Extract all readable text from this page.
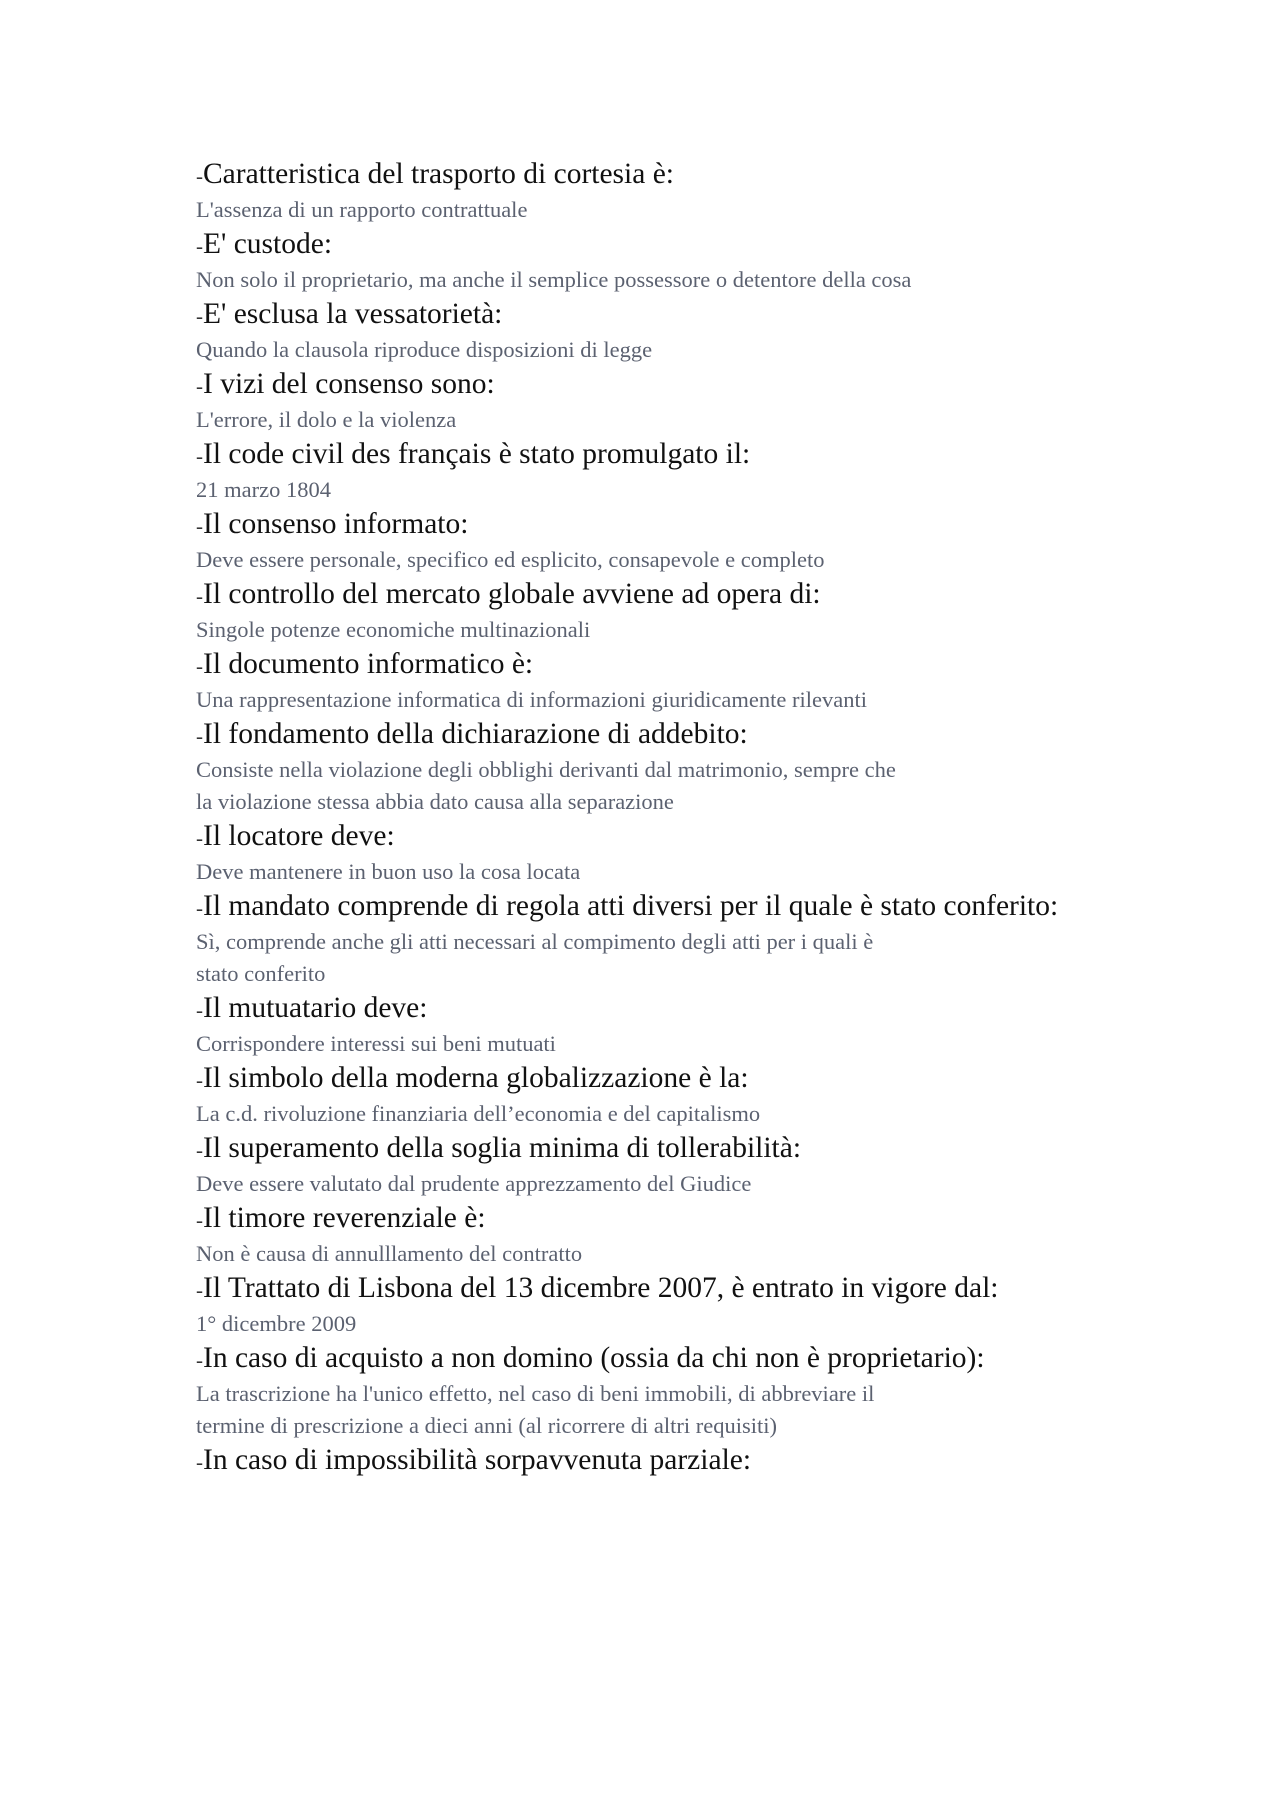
-Caratteristica del trasporto di cortesia è:

L'assenza di un rapporto contrattuale

-E' custode:

Non solo il proprietario, ma anche il semplice possessore o detentore della cosa

-E' esclusa la vessatorietà:

Quando la clausola riproduce disposizioni di legge

-I vizi del consenso sono:

L'errore, il dolo e la violenza

-Il code civil des français è stato promulgato il:

21 marzo 1804

-Il consenso informato:

Deve essere personale, specifico ed esplicito, consapevole e completo

-Il controllo del mercato globale avviene ad opera di:

Singole potenze economiche multinazionali

-Il documento informatico è:

Una rappresentazione informatica di informazioni giuridicamente rilevanti

-Il fondamento della dichiarazione di addebito:

Consiste nella violazione degli obblighi derivanti dal matrimonio, sempre che

la violazione stessa abbia dato causa alla separazione

-Il locatore deve:

Deve mantenere in buon uso la cosa locata

-Il mandato comprende di regola atti diversi per il quale è stato conferito:

Sì, comprende anche gli atti necessari al compimento degli atti per i quali è

stato conferito

-Il mutuatario deve:

Corrispondere interessi sui beni mutuati

-Il simbolo della moderna globalizzazione è la:

La c.d. rivoluzione finanziaria dell’economia e del capitalismo

-Il superamento della soglia minima di tollerabilità:

Deve essere valutato dal prudente apprezzamento del Giudice

-Il timore reverenziale è:

Non è causa di annulllamento del contratto

-Il Trattato di Lisbona del 13 dicembre 2007, è entrato in vigore dal:

1° dicembre 2009

-In caso di acquisto a non domino (ossia da chi non è proprietario):

La trascrizione ha l'unico effetto, nel caso di beni immobili, di abbreviare il

termine di prescrizione a dieci anni (al ricorrere di altri requisiti)

-In caso di impossibilità sorpavvenuta parziale:
